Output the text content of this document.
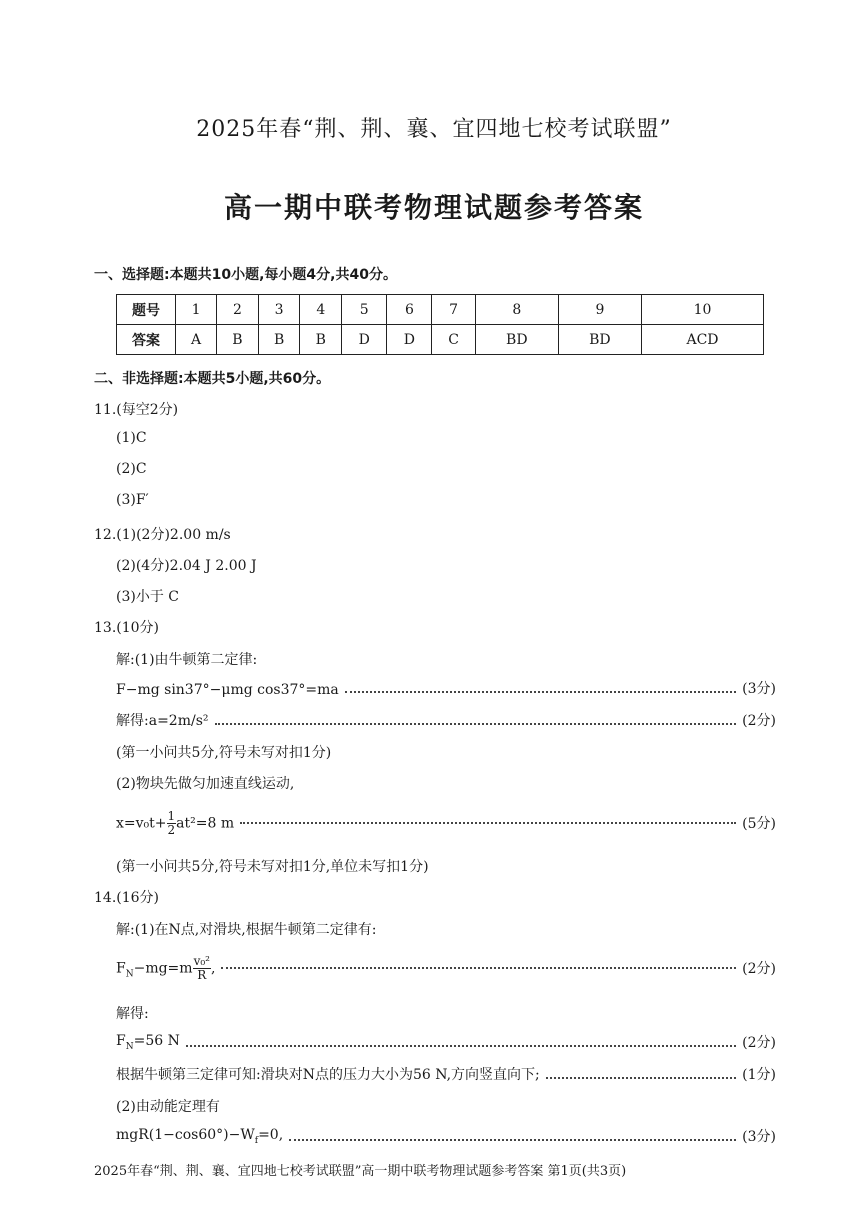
2025年春“荆、荆、襄、宜四地七校考试联盟”
高一期中联考物理试题参考答案
一、选择题:本题共10小题,每小题4分,共40分。
题号	1	2	3	4	5	6	7	8	9	10
答案	A	B	B	B	D	D	C	BD	BD	ACD
二、非选择题:本题共5小题,共60分。
11.(每空2分)
(1)C
(2)C
(3)F′
12.(1)(2分)2.00 m/s
(2)(4分)2.04 J 2.00 J
(3)小于 C
13.(10分)
解:(1)由牛顿第二定律:
F−mg sin37°−μmg cos37°=ma	(3分)
解得:a=2m/s²	(2分)
(第一小问共5分,符号未写对扣1分)
(2)物块先做匀加速直线运动,
$x=v_0t+ \frac{1}{2} at^2=8$ m	(5分)
(第一小问共5分,符号未写对扣1分,单位未写扣1分)
14.(16分)
解:(1)在N点,对滑块,根据牛顿第二定律有:
$F_N-mg=m \frac{\text{v₀²}}{R}$ ,	(2分)
解得:
$F_N=56$ N	(2分)
根据牛顿第三定律可知:滑块对N点的压力大小为56 N,方向竖直向下;	(1分)
(2)由动能定理有
$mgR(1-\cos 60^\circ)-W_f=0$,	(3分)
2025年春“荆、荆、襄、宜四地七校考试联盟”高一期中联考物理试题参考答案 第1页(共3页)
